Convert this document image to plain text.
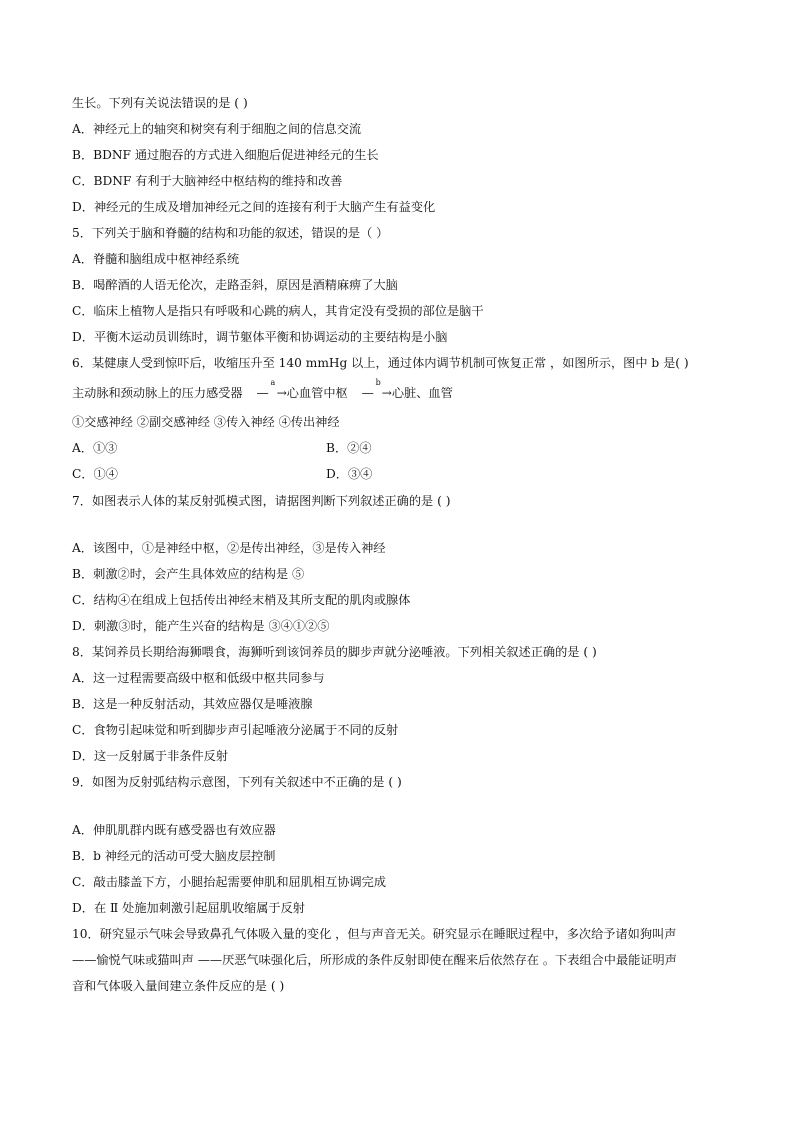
生长。下列有关说法错误的是 ( )
A．神经元上的轴突和树突有利于细胞之间的信息交流
B．BDNF 通过胞吞的方式进入细胞后促进神经元的生长
C．BDNF 有利于大脑神经中枢结构的维持和改善
D．神经元的生成及增加神经元之间的连接有利于大脑产生有益变化
5．下列关于脑和脊髓的结构和功能的叙述，错误的是（ ）
A．脊髓和脑组成中枢神经系统
B．喝醉酒的人语无伦次，走路歪斜，原因是酒精麻痹了大脑
C．临床上植物人是指只有呼吸和心跳的病人，其肯定没有受损的部位是脑干
D．平衡木运动员训练时，调节躯体平衡和协调运动的主要结构是小脑
6．某健康人受到惊吓后，收缩压升至 140 mmHg 以上，通过体内调节机制可恢复正常 ，如图所示，图中 b 是( )
主动脉和颈动脉上的压力感受器 —
a
→心血管中枢 —
b
→心脏、血管
①交感神经 ②副交感神经 ③传入神经 ④传出神经
A．①③	B．②④
C．①④	D．③④
7．如图表示人体的某反射弧模式图，请据图判断下列叙述正确的是 ( )
A．该图中，①是神经中枢，②是传出神经，③是传入神经
B．刺激②时，会产生具体效应的结构是 ⑤
C．结构④在组成上包括传出神经末梢及其所支配的肌肉或腺体
D．刺激③时，能产生兴奋的结构是 ③④①②⑤
8．某饲养员长期给海狮喂食，海狮听到该饲养员的脚步声就分泌唾液。下列相关叙述正确的是 ( )
A．这一过程需要高级中枢和低级中枢共同参与
B．这是一种反射活动，其效应器仅是唾液腺
C．食物引起味觉和听到脚步声引起唾液分泌属于不同的反射
D．这一反射属于非条件反射
9．如图为反射弧结构示意图，下列有关叙述中不正确的是 ( )
A．伸肌肌群内既有感受器也有效应器
B．b 神经元的活动可受大脑皮层控制
C．敲击膝盖下方，小腿抬起需要伸肌和屈肌相互协调完成
D．在 Ⅱ 处施加刺激引起屈肌收缩属于反射
10．研究显示气味会导致鼻孔气体吸入量的变化 ，但与声音无关。研究显示在睡眠过程中，多次给予诸如狗叫声
——愉悦气味或猫叫声 ——厌恶气味强化后，所形成的条件反射即使在醒来后依然存在 。下表组合中最能证明声
音和气体吸入量间建立条件反应的是 ( )
